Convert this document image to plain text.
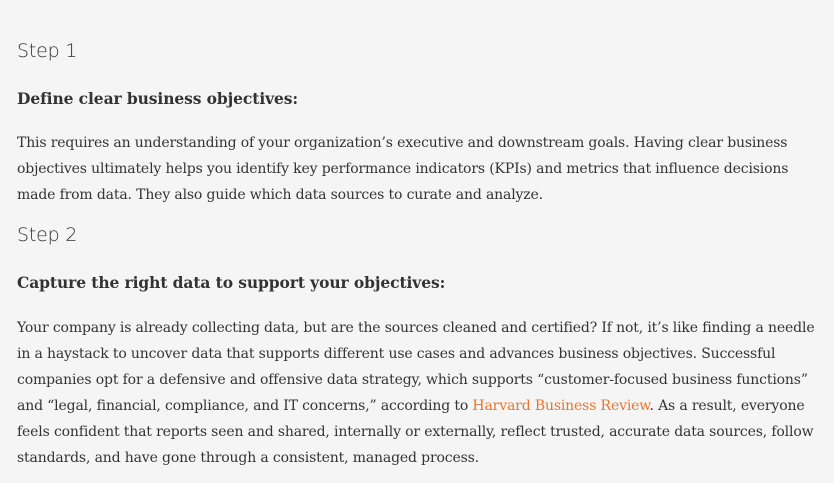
Step 1
Define clear business objectives:

This requires an understanding of your organization’s executive and downstream goals. Having clear business objectives ultimately helps you identify key performance indicators (KPIs) and metrics that influence decisions made from data. They also guide which data sources to curate and analyze.

Step 2
Capture the right data to support your objectives:

Your company is already collecting data, but are the sources cleaned and certified? If not, it’s like finding a needle in a haystack to uncover data that supports different use cases and advances business objectives. Successful companies opt for a defensive and offensive data strategy, which supports “customer-focused business functions” and “legal, financial, compliance, and IT concerns,” according to Harvard Business Review. As a result, everyone feels confident that reports seen and shared, internally or externally, reflect trusted, accurate data sources, follow standards, and have gone through a consistent, managed process.
